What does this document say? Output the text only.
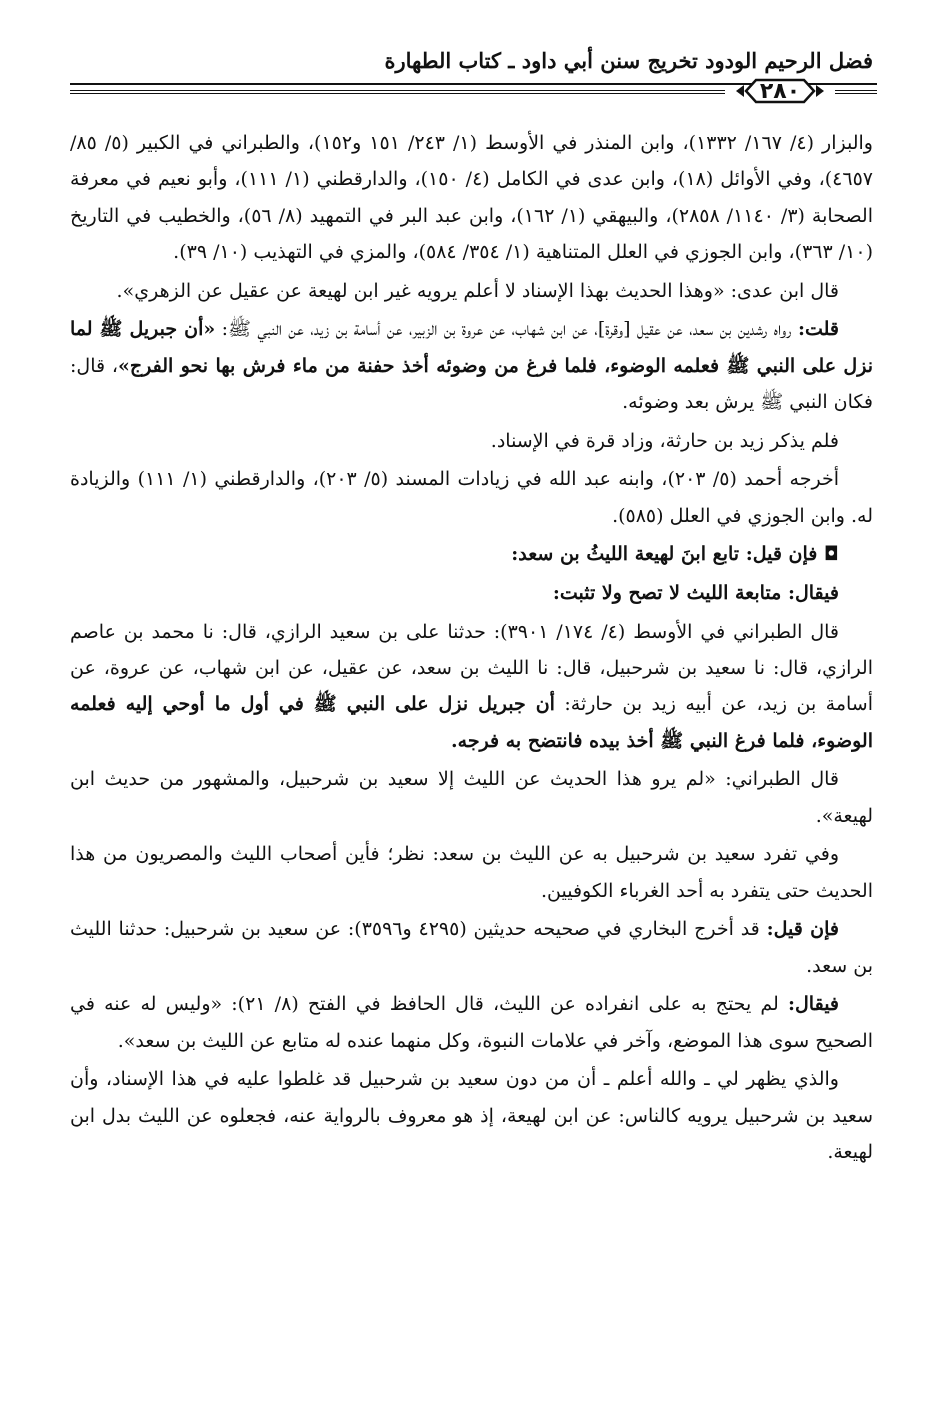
فضل الرحيم الودود تخريج سنن أبي داود ـ كتاب الطهارة
٢٨٠

والبزار (٤/ ١٦٧/ ١٣٣٢)، وابن المنذر في الأوسط (١/ ٢٤٣/ ١٥١ و١٥٢)، والطبراني في الكبير (٥/ ٨٥/ ٤٦٥٧)، وفي الأوائل (١٨)، وابن عدى في الكامل (٤/ ١٥٠)، والدارقطني (١/ ١١١)، وأبو نعيم في معرفة الصحابة (٣/ ١١٤٠/ ٢٨٥٨)، والبيهقي (١/ ١٦٢)، وابن عبد البر في التمهيد (٨/ ٥٦)، والخطيب في التاريخ (١٠/ ٣٦٣)، وابن الجوزي في العلل المتناهية (١/ ٣٥٤/ ٥٨٤)، والمزي في التهذيب (١٠/ ٣٩).

قال ابن عدى: «وهذا الحديث بهذا الإسناد لا أعلم يرويه غير ابن لهيعة عن عقيل عن الزهري».

قلت: رواه رشدين بن سعد، عن عقيل [وقرة]، عن ابن شهاب، عن عروة بن الزبير، عن أسامة بن زيد، عن النبي ﷺ: «أن جبريل ﷺ لما نزل على النبي ﷺ فعلمه الوضوء، فلما فرغ من وضوئه أخذ حفنة من ماء فرش بها نحو الفرج»، قال: فكان النبي ﷺ يرش بعد وضوئه.

فلم يذكر زيد بن حارثة، وزاد قرة في الإسناد.

أخرجه أحمد (٥/ ٢٠٣)، وابنه عبد الله في زيادات المسند (٥/ ٢٠٣)، والدارقطني (١/ ١١١) والزيادة له. وابن الجوزي في العلل (٥٨٥).

◘ فإن قيل: تابع ابنَ لهيعة الليثُ بن سعد:

فيقال: متابعة الليث لا تصح ولا تثبت:

قال الطبراني في الأوسط (٤/ ١٧٤/ ٣٩٠١): حدثنا على بن سعيد الرازي، قال: نا محمد بن عاصم الرازي، قال: نا سعيد بن شرحبيل، قال: نا الليث بن سعد، عن عقيل، عن ابن شهاب، عن عروة، عن أسامة بن زيد، عن أبيه زيد بن حارثة: أن جبريل نزل على النبي ﷺ في أول ما أوحي إليه فعلمه الوضوء، فلما فرغ النبي ﷺ أخذ بيده فانتضح به فرجه.

قال الطبراني: «لم يرو هذا الحديث عن الليث إلا سعيد بن شرحبيل، والمشهور من حديث ابن لهيعة».

وفي تفرد سعيد بن شرحبيل به عن الليث بن سعد: نظر؛ فأين أصحاب الليث والمصريون من هذا الحديث حتى يتفرد به أحد الغرباء الكوفيين.

فإن قيل: قد أخرج البخاري في صحيحه حديثين (٤٢٩٥ و٣٥٩٦): عن سعيد بن شرحبيل: حدثنا الليث بن سعد.

فيقال: لم يحتج به على انفراده عن الليث، قال الحافظ في الفتح (٨/ ٢١): «وليس له عنه في الصحيح سوى هذا الموضع، وآخر في علامات النبوة، وكل منهما عنده له متابع عن الليث بن سعد».

والذي يظهر لي ـ والله أعلم ـ أن من دون سعيد بن شرحبيل قد غلطوا عليه في هذا الإسناد، وأن سعيد بن شرحبيل يرويه كالناس: عن ابن لهيعة، إذ هو معروف بالرواية عنه، فجعلوه عن الليث بدل ابن لهيعة.
